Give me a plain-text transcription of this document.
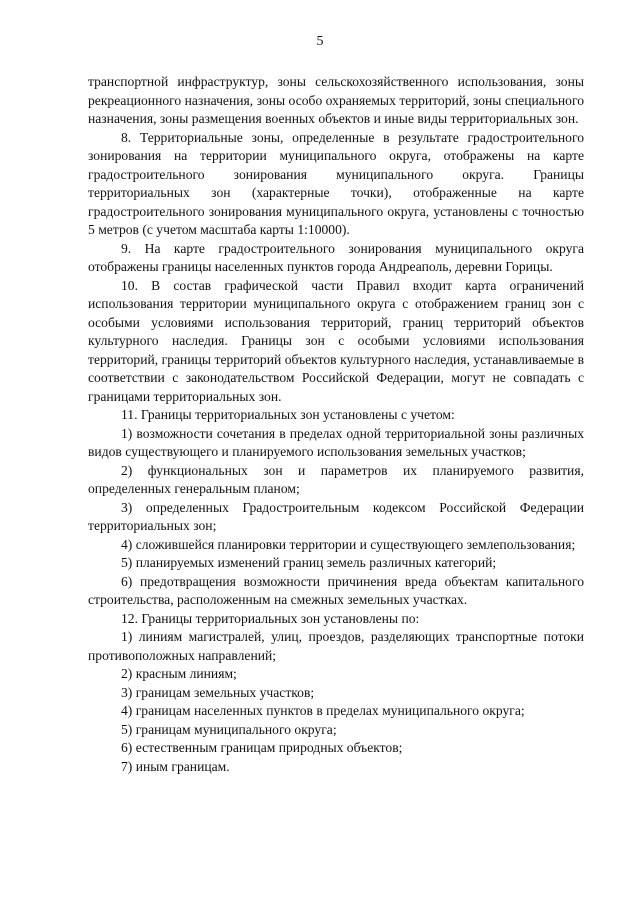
5

транспортной инфраструктур, зоны сельскохозяйственного использования, зоны рекреационного назначения, зоны особо охраняемых территорий, зоны специального назначения, зоны размещения военных объектов и иные виды территориальных зон.

8. Территориальные зоны, определенные в результате градостроительного зонирования на территории муниципального округа, отображены на карте градостроительного зонирования муниципального округа. Границы территориальных зон (характерные точки), отображенные на карте градостроительного зонирования муниципального округа, установлены с точностью 5 метров (с учетом масштаба карты 1:10000).

9. На карте градостроительного зонирования муниципального округа отображены границы населенных пунктов города Андреаполь, деревни Горицы.

10. В состав графической части Правил входит карта ограничений использования территории муниципального округа с отображением границ зон с особыми условиями использования территорий, границ территорий объектов культурного наследия. Границы зон с особыми условиями использования территорий, границы территорий объектов культурного наследия, устанавливаемые в соответствии с законодательством Российской Федерации, могут не совпадать с границами территориальных зон.

11. Границы территориальных зон установлены с учетом:

1) возможности сочетания в пределах одной территориальной зоны различных видов существующего и планируемого использования земельных участков;

2) функциональных зон и параметров их планируемого развития, определенных генеральным планом;

3) определенных Градостроительным кодексом Российской Федерации территориальных зон;

4) сложившейся планировки территории и существующего землепользования;

5) планируемых изменений границ земель различных категорий;

6) предотвращения возможности причинения вреда объектам капитального строительства, расположенным на смежных земельных участках.

12. Границы территориальных зон установлены по:

1) линиям магистралей, улиц, проездов, разделяющих транспортные потоки противоположных направлений;

2) красным линиям;

3) границам земельных участков;

4) границам населенных пунктов в пределах муниципального округа;

5) границам муниципального округа;

6) естественным границам природных объектов;

7) иным границам.
